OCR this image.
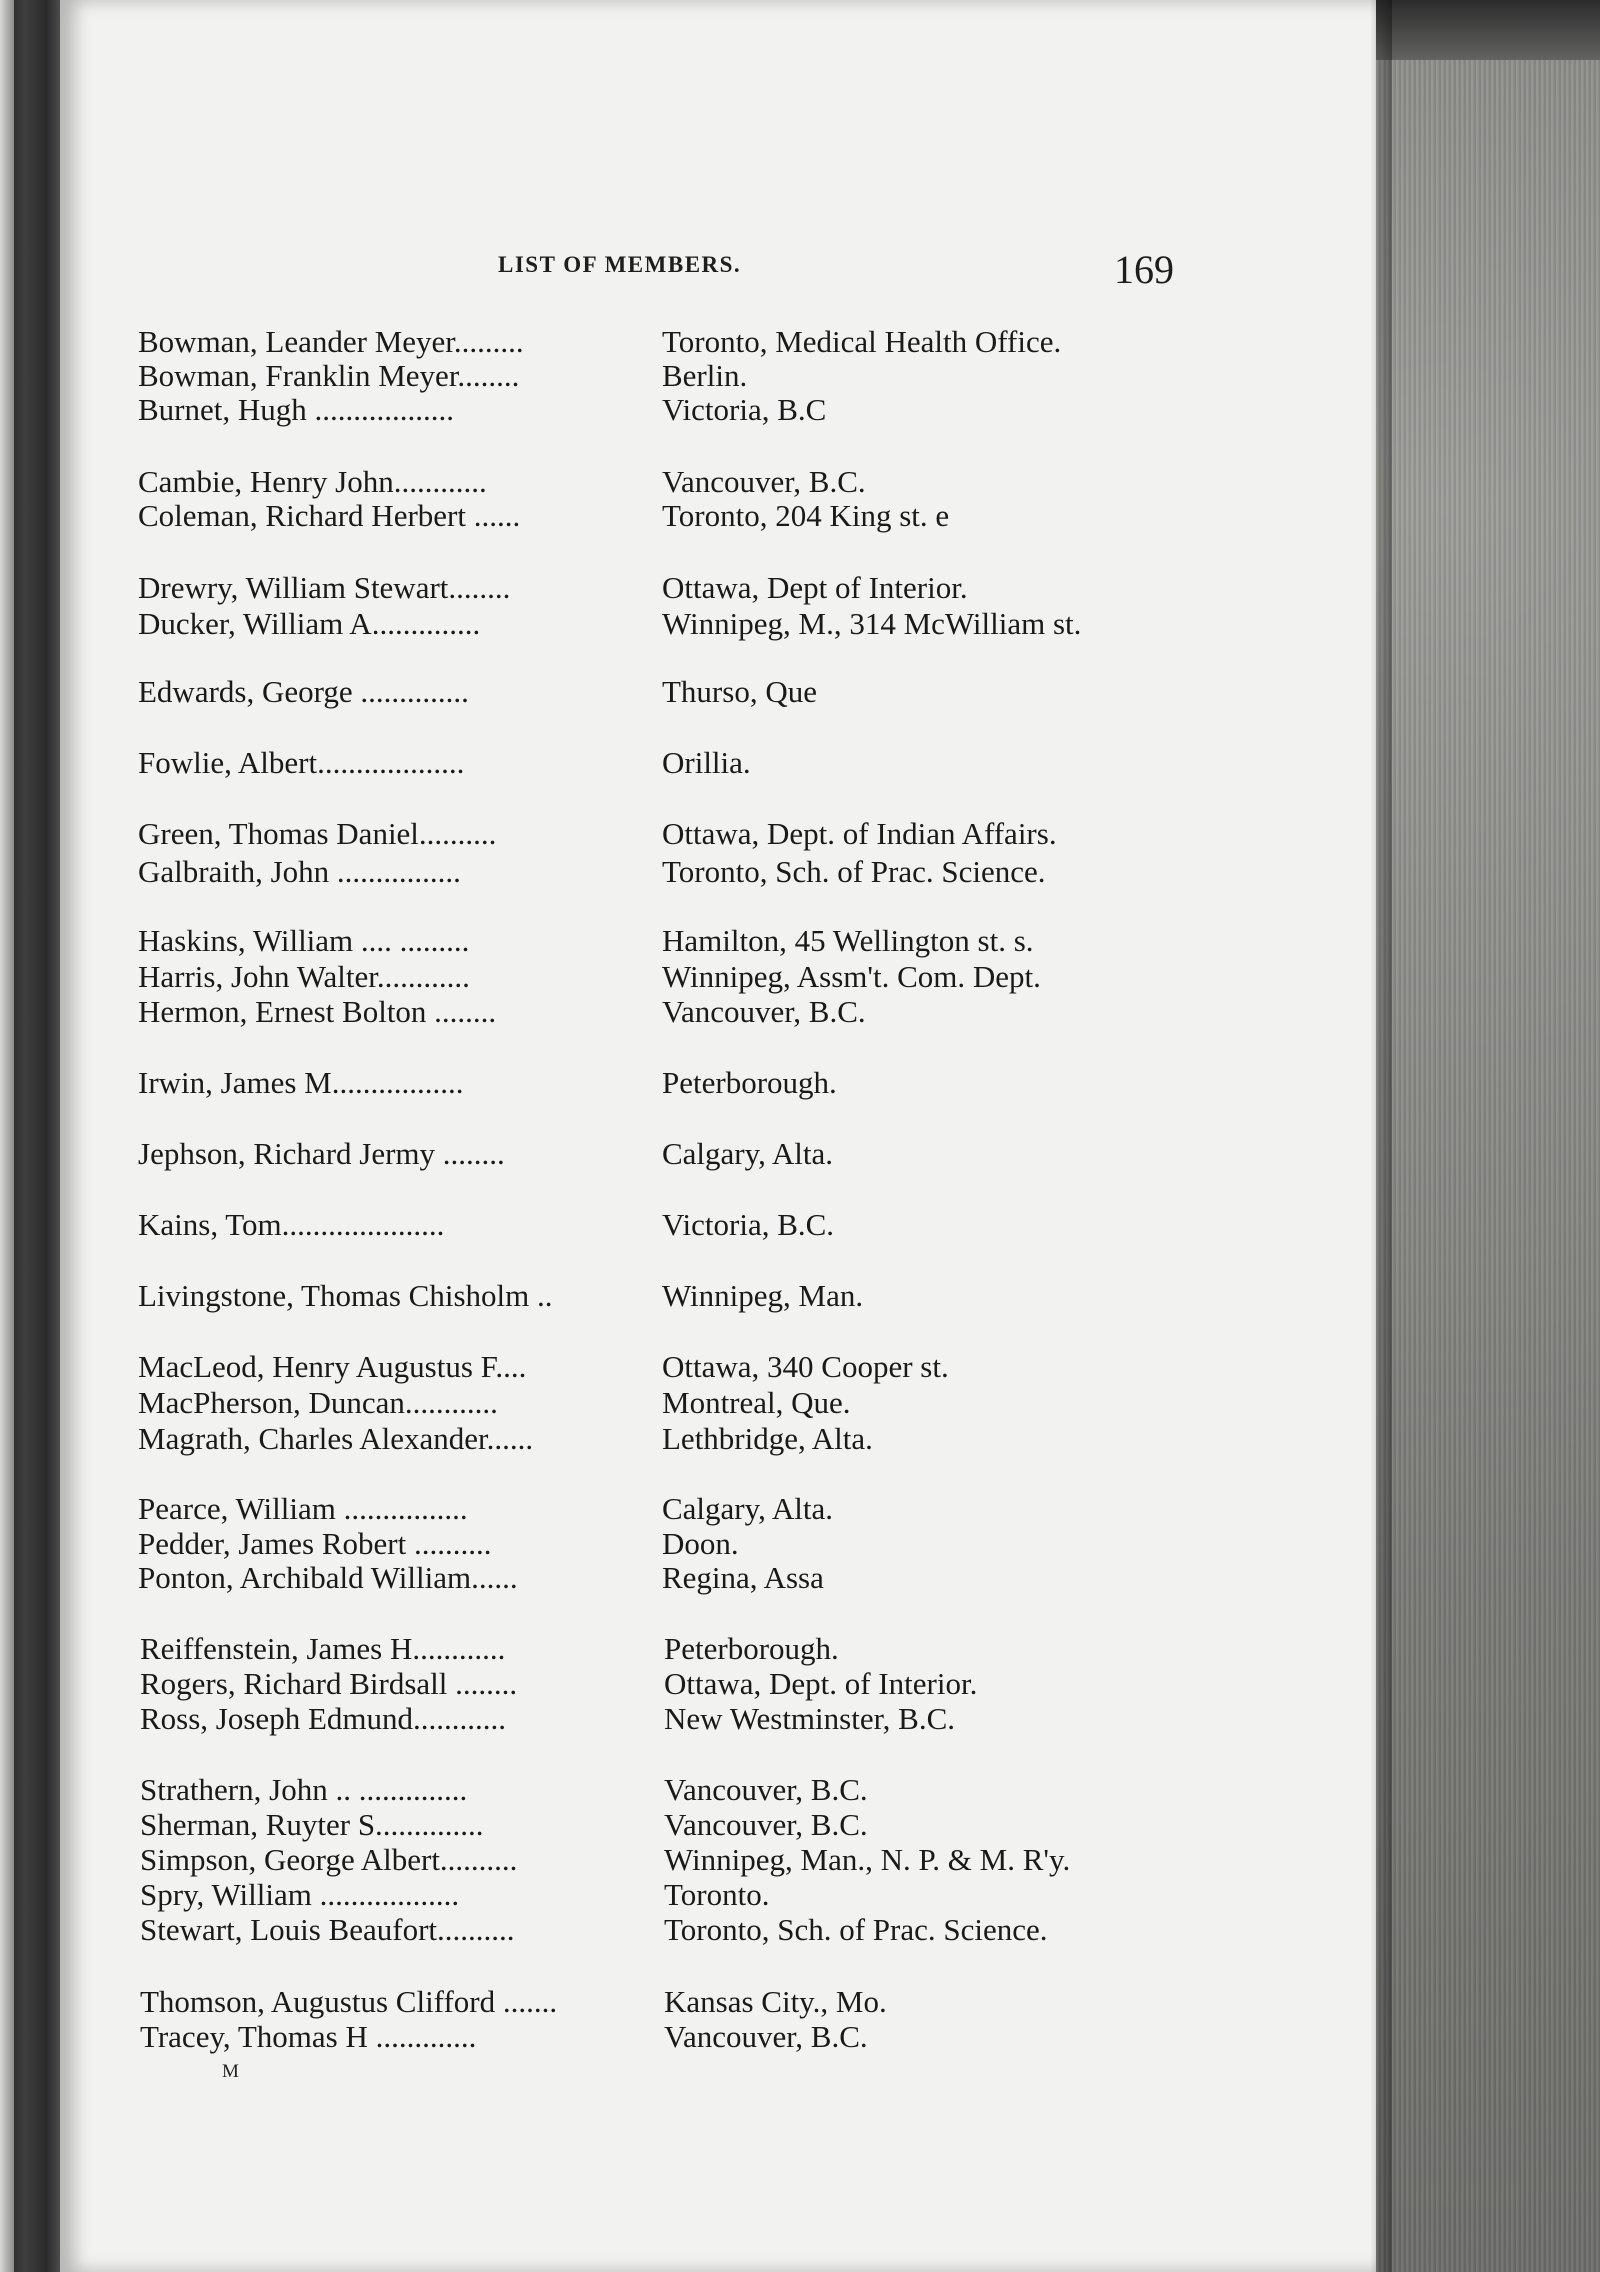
LIST OF MEMBERS.	169
Bowman, Leander Meyer.........	Toronto, Medical Health Office.
Bowman, Franklin Meyer........	Berlin.
Burnet, Hugh ..................	Victoria, B.C
Cambie, Henry John............	Vancouver, B.C.
Coleman, Richard Herbert ......	Toronto, 204 King st. e
Drewry, William Stewart........	Ottawa, Dept of Interior.
Ducker, William A..............	Winnipeg, M., 314 McWilliam st.
Edwards, George ..............	Thurso, Que
Fowlie, Albert...................	Orillia.
Green, Thomas Daniel..........	Ottawa, Dept. of Indian Affairs.
Galbraith, John ................	Toronto, Sch. of Prac. Science.
Haskins, William .... .........	Hamilton, 45 Wellington st. s.
Harris, John Walter............	Winnipeg, Assm't. Com. Dept.
Hermon, Ernest Bolton ........	Vancouver, B.C.
Irwin, James M.................	Peterborough.
Jephson, Richard Jermy ........	Calgary, Alta.
Kains, Tom.....................	Victoria, B.C.
Livingstone, Thomas Chisholm ..	Winnipeg, Man.
MacLeod, Henry Augustus F....	Ottawa, 340 Cooper st.
MacPherson, Duncan............	Montreal, Que.
Magrath, Charles Alexander......	Lethbridge, Alta.
Pearce, William ................	Calgary, Alta.
Pedder, James Robert ..........	Doon.
Ponton, Archibald William......	Regina, Assa
Reiffenstein, James H............	Peterborough.
Rogers, Richard Birdsall ........	Ottawa, Dept. of Interior.
Ross, Joseph Edmund............	New Westminster, B.C.
Strathern, John .. ..............	Vancouver, B.C.
Sherman, Ruyter S..............	Vancouver, B.C.
Simpson, George Albert..........	Winnipeg, Man., N. P. & M. R'y.
Spry, William ..................	Toronto.
Stewart, Louis Beaufort..........	Toronto, Sch. of Prac. Science.
Thomson, Augustus Clifford .......	Kansas City., Mo.
Tracey, Thomas H .............	Vancouver, B.C.
M
